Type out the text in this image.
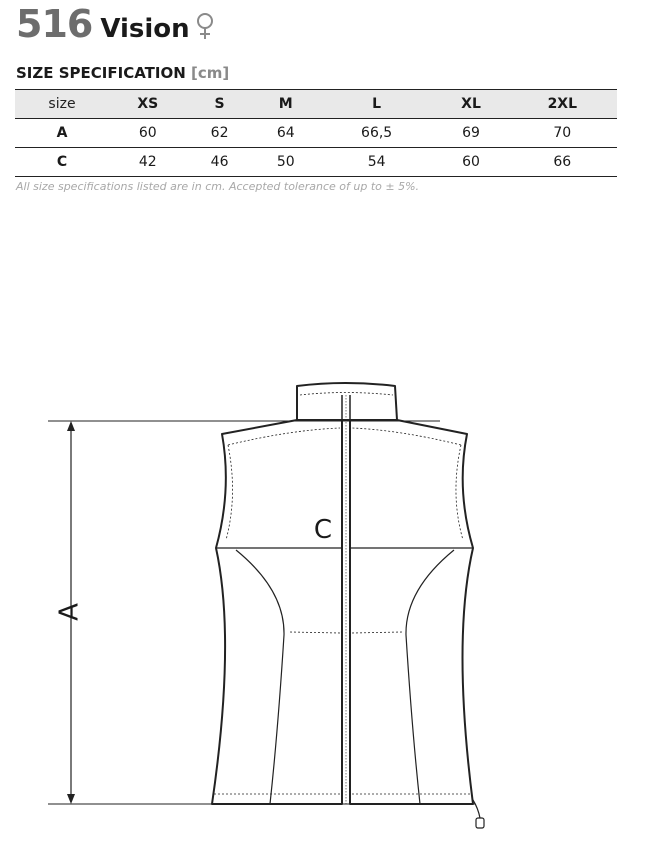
516 Vision
SIZE SPECIFICATION [cm]
size	XS	S	M	L	XL	2XL
A	60	62	64	66,5	69	70
C	42	46	50	54	60	66
All size specifications listed are in cm. Accepted tolerance of up to ± 5%.
A
C
